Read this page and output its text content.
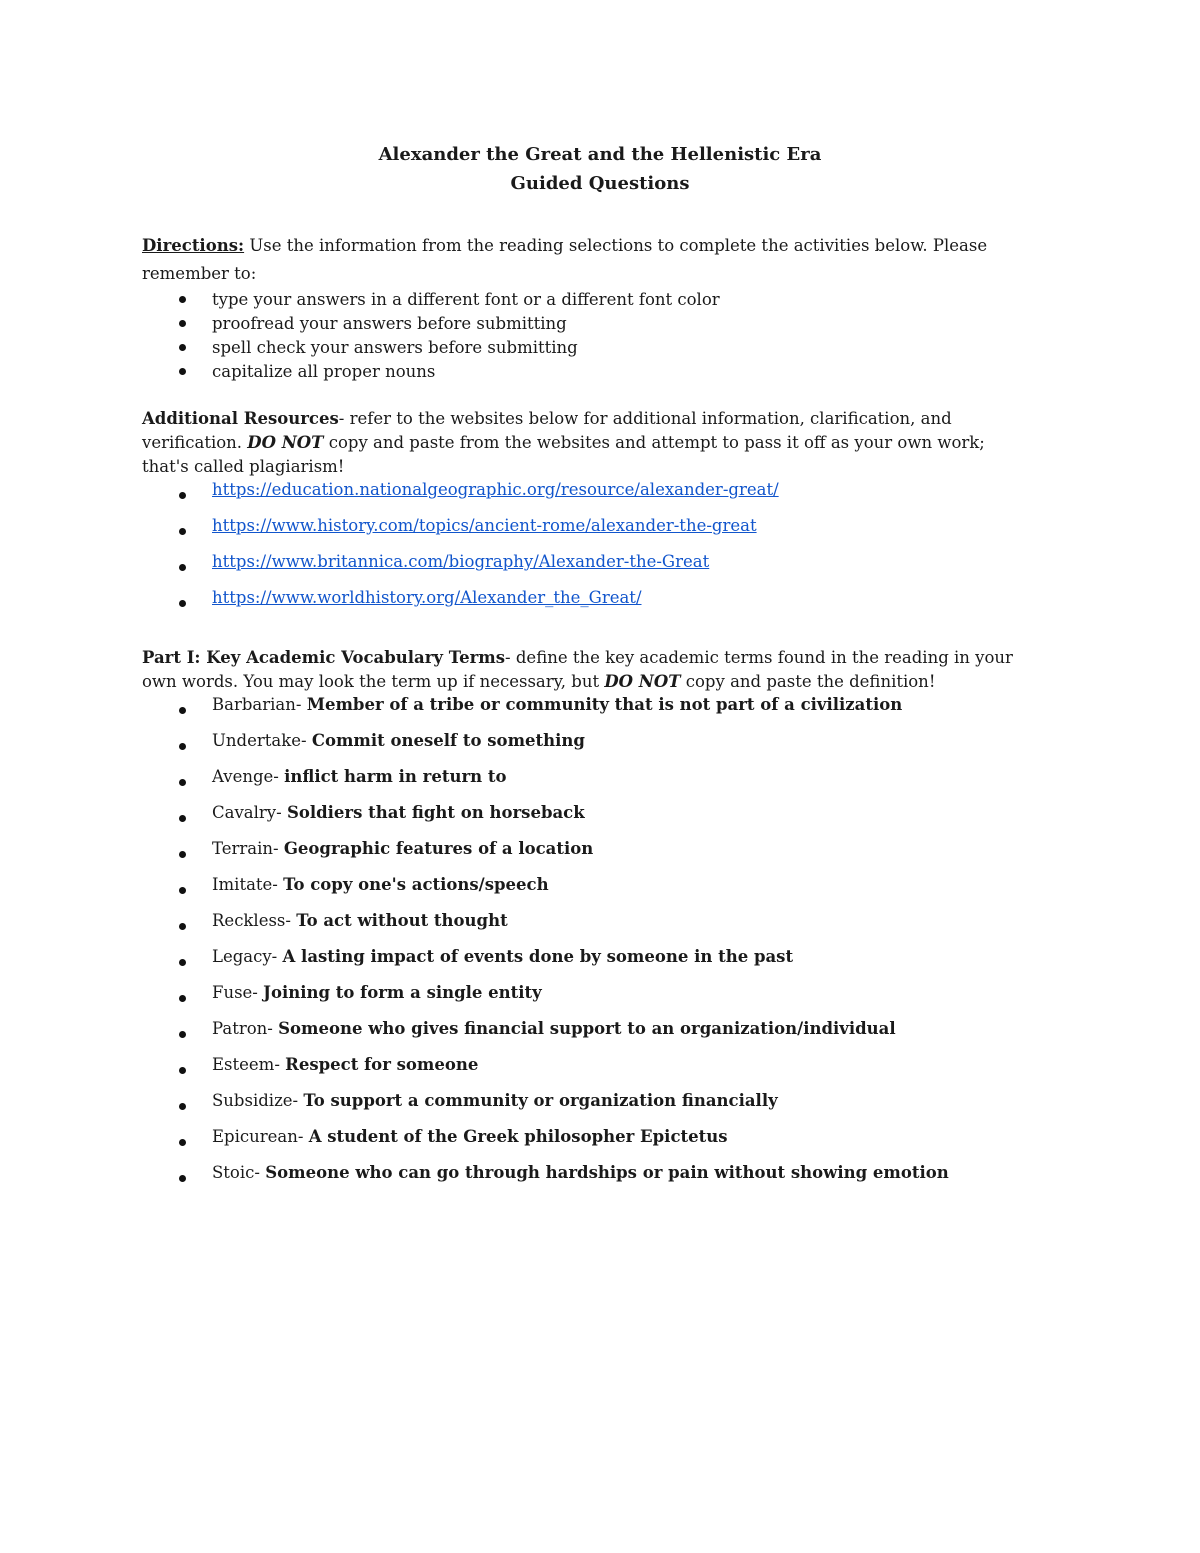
Alexander the Great and the Hellenistic Era
Guided Questions
Directions: Use the information from the reading selections to complete the activities below. Please
remember to:
type your answers in a different font or a different font color
proofread your answers before submitting
spell check your answers before submitting
capitalize all proper nouns
Additional Resources- refer to the websites below for additional information, clarification, and
verification. DO NOT copy and paste from the websites and attempt to pass it off as your own work;
that's called plagiarism!
https://education.nationalgeographic.org/resource/alexander-great/
https://www.history.com/topics/ancient-rome/alexander-the-great
https://www.britannica.com/biography/Alexander-the-Great
https://www.worldhistory.org/Alexander_the_Great/
Part I: Key Academic Vocabulary Terms- define the key academic terms found in the reading in your
own words. You may look the term up if necessary, but DO NOT copy and paste the definition!
Barbarian- Member of a tribe or community that is not part of a civilization
Undertake- Commit oneself to something
Avenge- inflict harm in return to
Cavalry- Soldiers that fight on horseback
Terrain- Geographic features of a location
Imitate- To copy one's actions/speech
Reckless- To act without thought
Legacy- A lasting impact of events done by someone in the past
Fuse- Joining to form a single entity
Patron- Someone who gives financial support to an organization/individual
Esteem- Respect for someone
Subsidize- To support a community or organization financially
Epicurean- A student of the Greek philosopher Epictetus
Stoic- Someone who can go through hardships or pain without showing emotion
